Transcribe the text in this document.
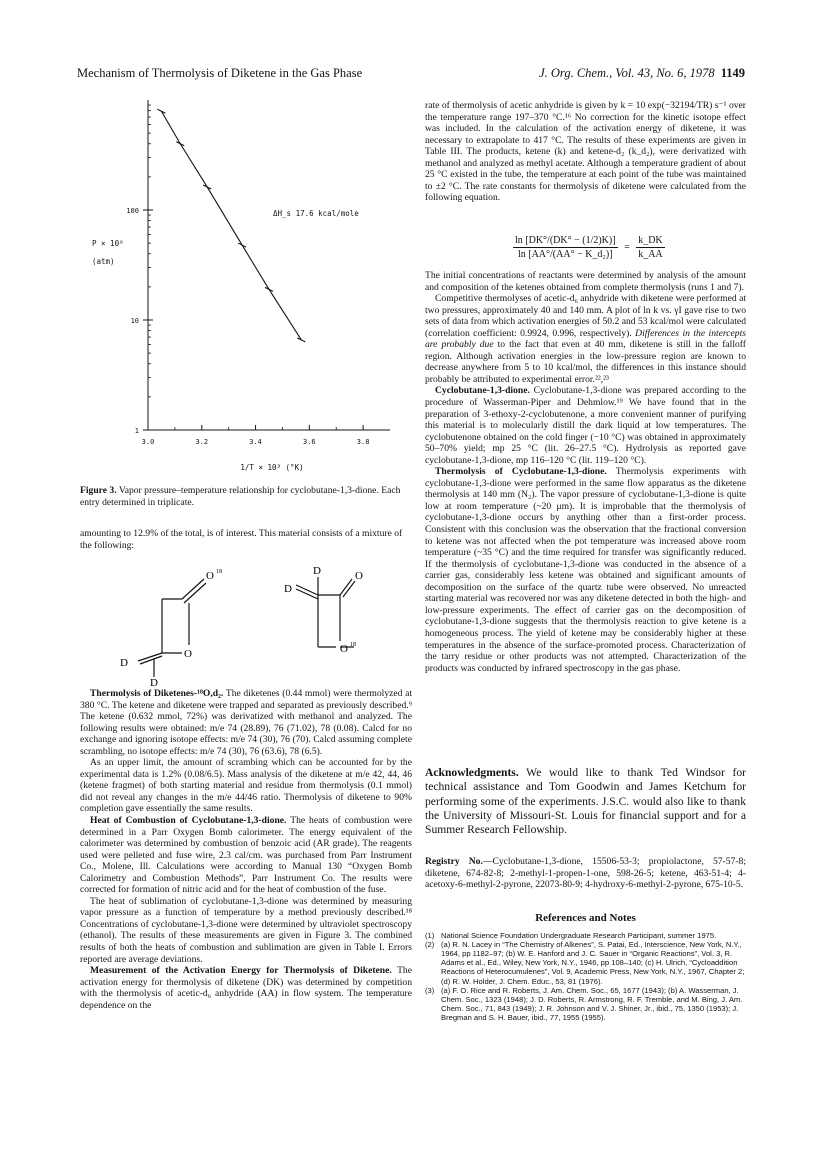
Mechanism of Thermolysis of Diketene in the Gas Phase	J. Org. Chem., Vol. 43, No. 6, 1978 1149
1
10
100
3.0	3.2	3.4	3.6	3.8
P × 10⁶
(atm)
1/T × 10³ (°K)
ΔH_s 17.6 kcal/mole
Figure 3. Vapor pressure–temperature relationship for cyclobutane-1,3-dione. Each entry determined in triplicate.
amounting to 12.9% of the total, is of interest. This material consists of a mixture of the following:
O 18
O
D
D
D	O
D
O 18

Thermolysis of Diketenes-¹⁸O,d₂. The diketenes (0.44 mmol) were thermolyzed at 380 °C. The ketene and diketene were trapped and separated as previously described.⁹ The ketene (0.632 mmol, 72%) was derivatized with methanol and analyzed. The following results were obtained: m/e 74 (28.89), 76 (71.02), 78 (0.08). Calcd for no exchange and ignoring isotope effects: m/e 74 (30), 76 (70). Calcd assuming complete scrambling, no isotope effects: m/e 74 (30), 76 (63.6), 78 (6.5).

As an upper limit, the amount of scrambing which can be accounted for by the experimental data is 1.2% (0.08/6.5). Mass analysis of the diketene at m/e 42, 44, 46 (ketene fragmet) of both starting material and residue from thermolysis (0.1 mmol) did not reveal any changes in the m/e 44/46 ratio. Thermolysis of diketene to 90% completion gave essentially the same results.

Heat of Combustion of Cyclobutane-1,3-dione. The heats of combustion were determined in a Parr Oxygen Bomb calorimeter. The energy equivalent of the calorimeter was determined by combustion of benzoic acid (AR grade). The reagents used were pelleted and fuse wire, 2.3 cal/cm. was purchased from Parr Instrument Co., Molene, Ill. Calculations were according to Manual 130 “Oxygen Bomb Calorimetry and Combustion Methods”, Parr Instrument Co. The results were corrected for formation of nitric acid and for the heat of combustion of the fuse.

The heat of sublimation of cyclobutane-1,3-dione was determined by measuring vapor pressure as a function of temperature by a method previously described.¹⁸ Concentrations of cyclobutane-1,3-dione were determined by ultraviolet spectroscopy (ethanol). The results of these measurements are given in Figure 3. The combined results of both the heats of combustion and sublimation are given in Table I. Errors reported are average deviations.

Measurement of the Activation Energy for Thermolysis of Diketene. The activation energy for thermolysis of diketene (DK) was determined by competition with the thermolysis of acetic-d₆ anhydride (AA) in flow system. The temperature dependence on the

rate of thermolysis of acetic anhydride is given by k = 10 exp(−32194/TR) s⁻¹ over the temperature range 197–370 °C.¹⁶ No correction for the kinetic isotope effect was included. In the calculation of the activation energy of diketene, it was necessary to extrapolate to 417 °C. The results of these experiments are given in Table III. The products, ketene (k) and ketene-d₂ (k_d₂), were derivatized with methanol and analyzed as methyl acetate. Although a temperature gradient of about 25 °C existed in the tube, the temperature at each point of the tube was maintained to ±2 °C. The rate constants for thermolysis of diketene were calculated from the following equation.

$\frac{\ln [DK^\circ/(DK^\circ - (1/2)K)]}{\text{ln [AA°/(AA° − K\_d₂)]}} = \frac{k\_DK}{k\_AA}$

The initial concentrations of reactants were determined by analysis of the amount and composition of the ketenes obtained from complete thermolysis (runs 1 and 7).

Competitive thermolyses of acetic-d₆ anhydride with diketene were performed at two pressures, approximately 40 and 140 mm. A plot of ln k vs. γI gave rise to two sets of data from which activation energies of 50.2 and 53 kcal/mol were calculated (correlation coefficient: 0.9924, 0.996, respectively). Differences in the intercepts are probably due to the fact that even at 40 mm, diketene is still in the falloff region. Although activation energies in the low-pressure region are known to decrease anywhere from 5 to 10 kcal/mol, the differences in this instance should probably be attributed to experimental error.²²,²³

Cyclobutane-1,3-dione. Cyclobutane-1,3-dione was prepared according to the procedure of Wasserman-Piper and Dehmlow.¹⁹ We have found that in the preparation of 3-ethoxy-2-cyclobutenone, a more convenient manner of purifying this material is to molecularly distill the dark liquid at low temperatures. The cyclobutenone obtained on the cold finger (−10 °C) was obtained in approximately 50–70% yield; mp 25 °C (lit. 26–27.5 °C). Hydrolysis as reported gave cyclobutane-1,3-dione, mp 116–120 °C (lit. 119–120 °C).

Thermolysis of Cyclobutane-1,3-dione. Thermolysis experiments with cyclobutane-1,3-dione were performed in the same flow apparatus as the diketene thermolysis at 140 mm (N₂). The vapor pressure of cyclobutane-1,3-dione is quite low at room temperature (~20 μm). It is improbable that the thermolysis of cyclobutane-1,3-dione occurs by anything other than a first-order process. Consistent with this conclusion was the observation that the fractional conversion to ketene was not affected when the pot temperature was increased above room temperature (~35 °C) and the time required for transfer was significantly reduced. If the thermolysis of cyclobutane-1,3-dione was conducted in the absence of a carrier gas, considerably less ketene was obtained and significant amounts of decomposition on the surface of the quartz tube were observed. No unreacted starting material was recovered nor was any diketene detected in both the high- and low-pressure experiments. The effect of carrier gas on the decomposition of cyclobutane-1,3-dione suggests that the thermolysis reaction to give ketene is a homogeneous process. The yield of ketene may be considerably higher at these temperatures in the absence of the surface-promoted process. Characterization of the tarry residue or other products was not attempted. Characterization of the products was conducted by infrared spectroscopy in the gas phase.

Acknowledgments. We would like to thank Ted Windsor for technical assistance and Tom Goodwin and James Ketchum for performing some of the experiments. J.S.C. would also like to thank the University of Missouri-St. Louis for financial support and for a Summer Research Fellowship.
Registry No.—Cyclobutane-1,3-dione, 15506-53-3; propiolactone, 57-57-8; diketene, 674-82-8; 2-methyl-1-propen-1-one, 598-26-5; ketene, 463-51-4; 4-acetoxy-6-methyl-2-pyrone, 22073-80-9; 4-hydroxy-6-methyl-2-pyrone, 675-10-5.
References and Notes
(1) National Science Foundation Undergraduate Research Participant, summer 1975.
(2) (a) R. N. Lacey in “The Chemistry of Alkenes”, S. Patai, Ed., Interscience, New York, N.Y., 1964, pp 1182–97; (b) W. E. Hanford and J. C. Sauer in “Organic Reactions”, Vol. 3, R. Adams et al., Ed., Wiley, New York, N.Y., 1946, pp 108–140; (c) H. Ulrich, “Cycloaddition Reactions of Heterocumulenes”, Vol. 9, Academic Press, New York, N.Y., 1967, Chapter 2; (d) R. W. Holder, J. Chem. Educ., 53, 81 (1976).
(3) (a) F. O. Rice and R. Roberts, J. Am. Chem. Soc., 65, 1677 (1943); (b) A. Wasserman, J. Chem. Soc., 1323 (1948); J. D. Roberts, R. Armstrong, R. F. Tremble, and M. Bing, J. Am. Chem. Soc., 71, 843 (1949); J. R. Johnson and V. J. Shiner, Jr., ibid., 75, 1350 (1953); J. Bregman and S. H. Bauer, ibid., 77, 1955 (1955).
